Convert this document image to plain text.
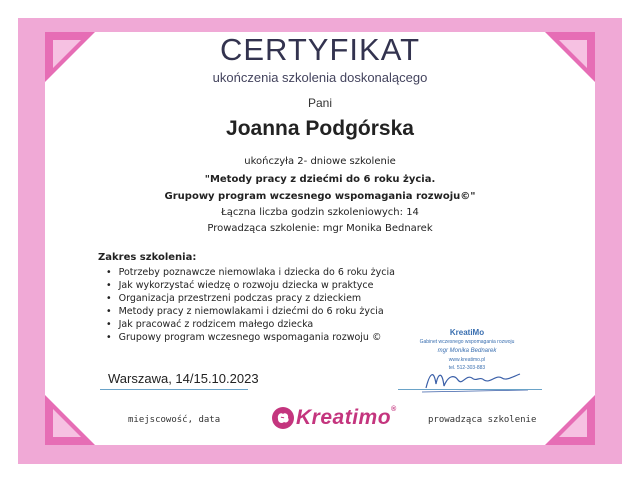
CERTYFIKAT
ukończenia szkolenia doskonalącego
Pani
Joanna Podgórska
ukończyła 2- dniowe szkolenie
"Metody pracy z dziećmi do 6 roku życia.
Grupowy program wczesnego wspomagania rozwoju©"
Łączna liczba godzin szkoleniowych: 14
Prowadząca szkolenie: mgr Monika Bednarek
Zakres szkolenia:
• Potrzeby poznawcze niemowlaka i dziecka do 6 roku życia
• Jak wykorzystać wiedzę o rozwoju dziecka w praktyce
• Organizacja przestrzeni podczas pracy z dzieckiem
• Metody pracy z niemowlakami i dziećmi do 6 roku życia
• Jak pracować z rodzicem małego dziecka
• Grupowy program wczesnego wspomagania rozwoju ©	KreatiMo
Gabinet wczesnego wspomagania rozwoju
mgr Monika Bednarek
www.kreatimo.pl
tel. 512-303-883
Warszawa, 14/15.10.2023
miejscowość, data	prowadząca szkolenie
Kreatimo®
